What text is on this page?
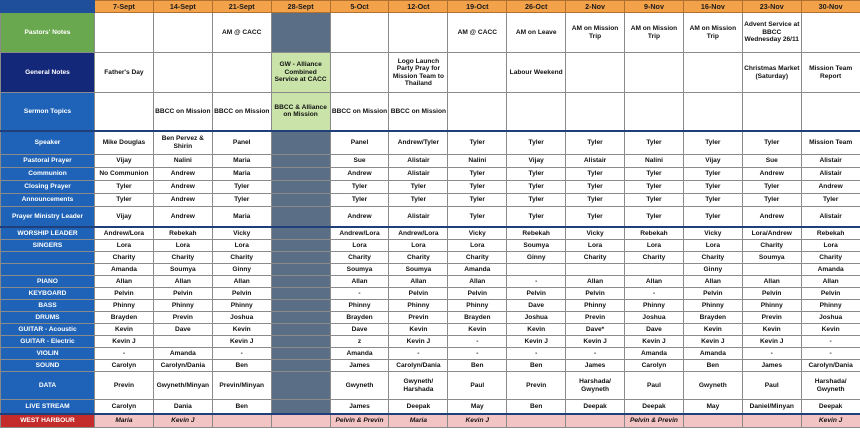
	7-Sept	14-Sept	21-Sept	28-Sept	5-Oct	12-Oct	19-Oct	26-Oct	2-Nov	9-Nov	16-Nov	23-Nov	30-Nov
Pastors' Notes			AM @ CACC				AM @ CACC	AM on Leave	AM on Mission Trip	AM on Mission Trip	AM on Mission Trip	Advent Service at BBCC Wednesday 26/11	
General Notes	Father's Day			GW - Alliance Combined Service at CACC		Logo Launch Party Pray for Mission Team to Thailand		Labour Weekend				Christmas Market (Saturday)	Mission Team Report
Sermon Topics		BBCC on Mission	BBCC on Mission	BBCC & Alliance on Mission	BBCC on Mission	BBCC on Mission							
Speaker	Mike Douglas	Ben Pervez & Shirin	Panel		Panel	Andrew/Tyler	Tyler	Tyler	Tyler	Tyler	Tyler	Tyler	Mission Team
Pastoral Prayer	Vijay	Nalini	Maria		Sue	Alistair	Nalini	Vijay	Alistair	Nalini	Vijay	Sue	Alistair
Communion	No Communion	Andrew	Maria		Andrew	Alistair	Tyler	Tyler	Tyler	Tyler	Tyler	Andrew	Alistair
Closing Prayer	Tyler	Andrew	Tyler		Tyler	Tyler	Tyler	Tyler	Tyler	Tyler	Tyler	Tyler	Andrew
Announcements	Tyler	Andrew	Tyler		Tyler	Tyler	Tyler	Tyler	Tyler	Tyler	Tyler	Tyler	Tyler
Prayer Ministry Leader	Vijay	Andrew	Maria		Andrew	Alistair	Tyler	Tyler	Tyler	Tyler	Tyler	Andrew	Alistair
WORSHIP LEADER	Andrew/Lora	Rebekah	Vicky		Andrew/Lora	Andrew/Lora	Vicky	Rebekah	Vicky	Rebekah	Vicky	Lora/Andrew	Rebekah
SINGERS	Lora	Lora	Lora		Lora	Lora	Lora	Soumya	Lora	Lora	Lora	Charity	Lora
	Charity	Charity	Charity		Charity	Charity	Charity	Ginny	Charity	Charity	Charity	Soumya	Charity
	Amanda	Soumya	Ginny		Soumya	Soumya	Amanda				Ginny		Amanda
PIANO	Allan	Allan	Allan		Allan	Allan	Allan	-	Allan	Allan	Allan	Allan	Allan
KEYBOARD	Pelvin	Pelvin	Pelvin		-	Pelvin	Pelvin	Pelvin	Pelvin	-	Pelvin	Pelvin	Pelvin
BASS	Phinny	Phinny	Phinny		Phinny	Phinny	Phinny	Dave	Phinny	Phinny	Phinny	Phinny	Phinny
DRUMS	Brayden	Previn	Joshua		Brayden	Previn	Brayden	Joshua	Previn	Joshua	Brayden	Previn	Joshua
GUITAR - Acoustic	Kevin	Dave	Kevin		Dave	Kevin	Kevin	Kevin	Dave*	Dave	Kevin	Kevin	Kevin
GUITAR - Electric	Kevin J		Kevin J		z	Kevin J	-	Kevin J	Kevin J	Kevin J	Kevin J	Kevin J	-
VIOLIN	-	Amanda	-		Amanda	-	-	-	-	Amanda	Amanda	-	-
SOUND	Carolyn	Carolyn/Dania	Ben		James	Carolyn/Dania	Ben	Ben	James	Carolyn	Ben	James	Carolyn/Dania
DATA	Previn	Gwyneth/Minyan	Previn/Minyan		Gwyneth	Gwyneth/ Harshada	Paul	Previn	Harshada/ Gwyneth	Paul	Gwyneth	Paul	Harshada/ Gwyneth
LIVE STREAM	Carolyn	Dania	Ben		James	Deepak	May	Ben	Deepak	Deepak	May	Daniel/Minyan	Deepak
WEST HARBOUR	Maria	Kevin J			Pelvin & Previn	Maria	Kevin J			Pelvin & Previn			Kevin J
